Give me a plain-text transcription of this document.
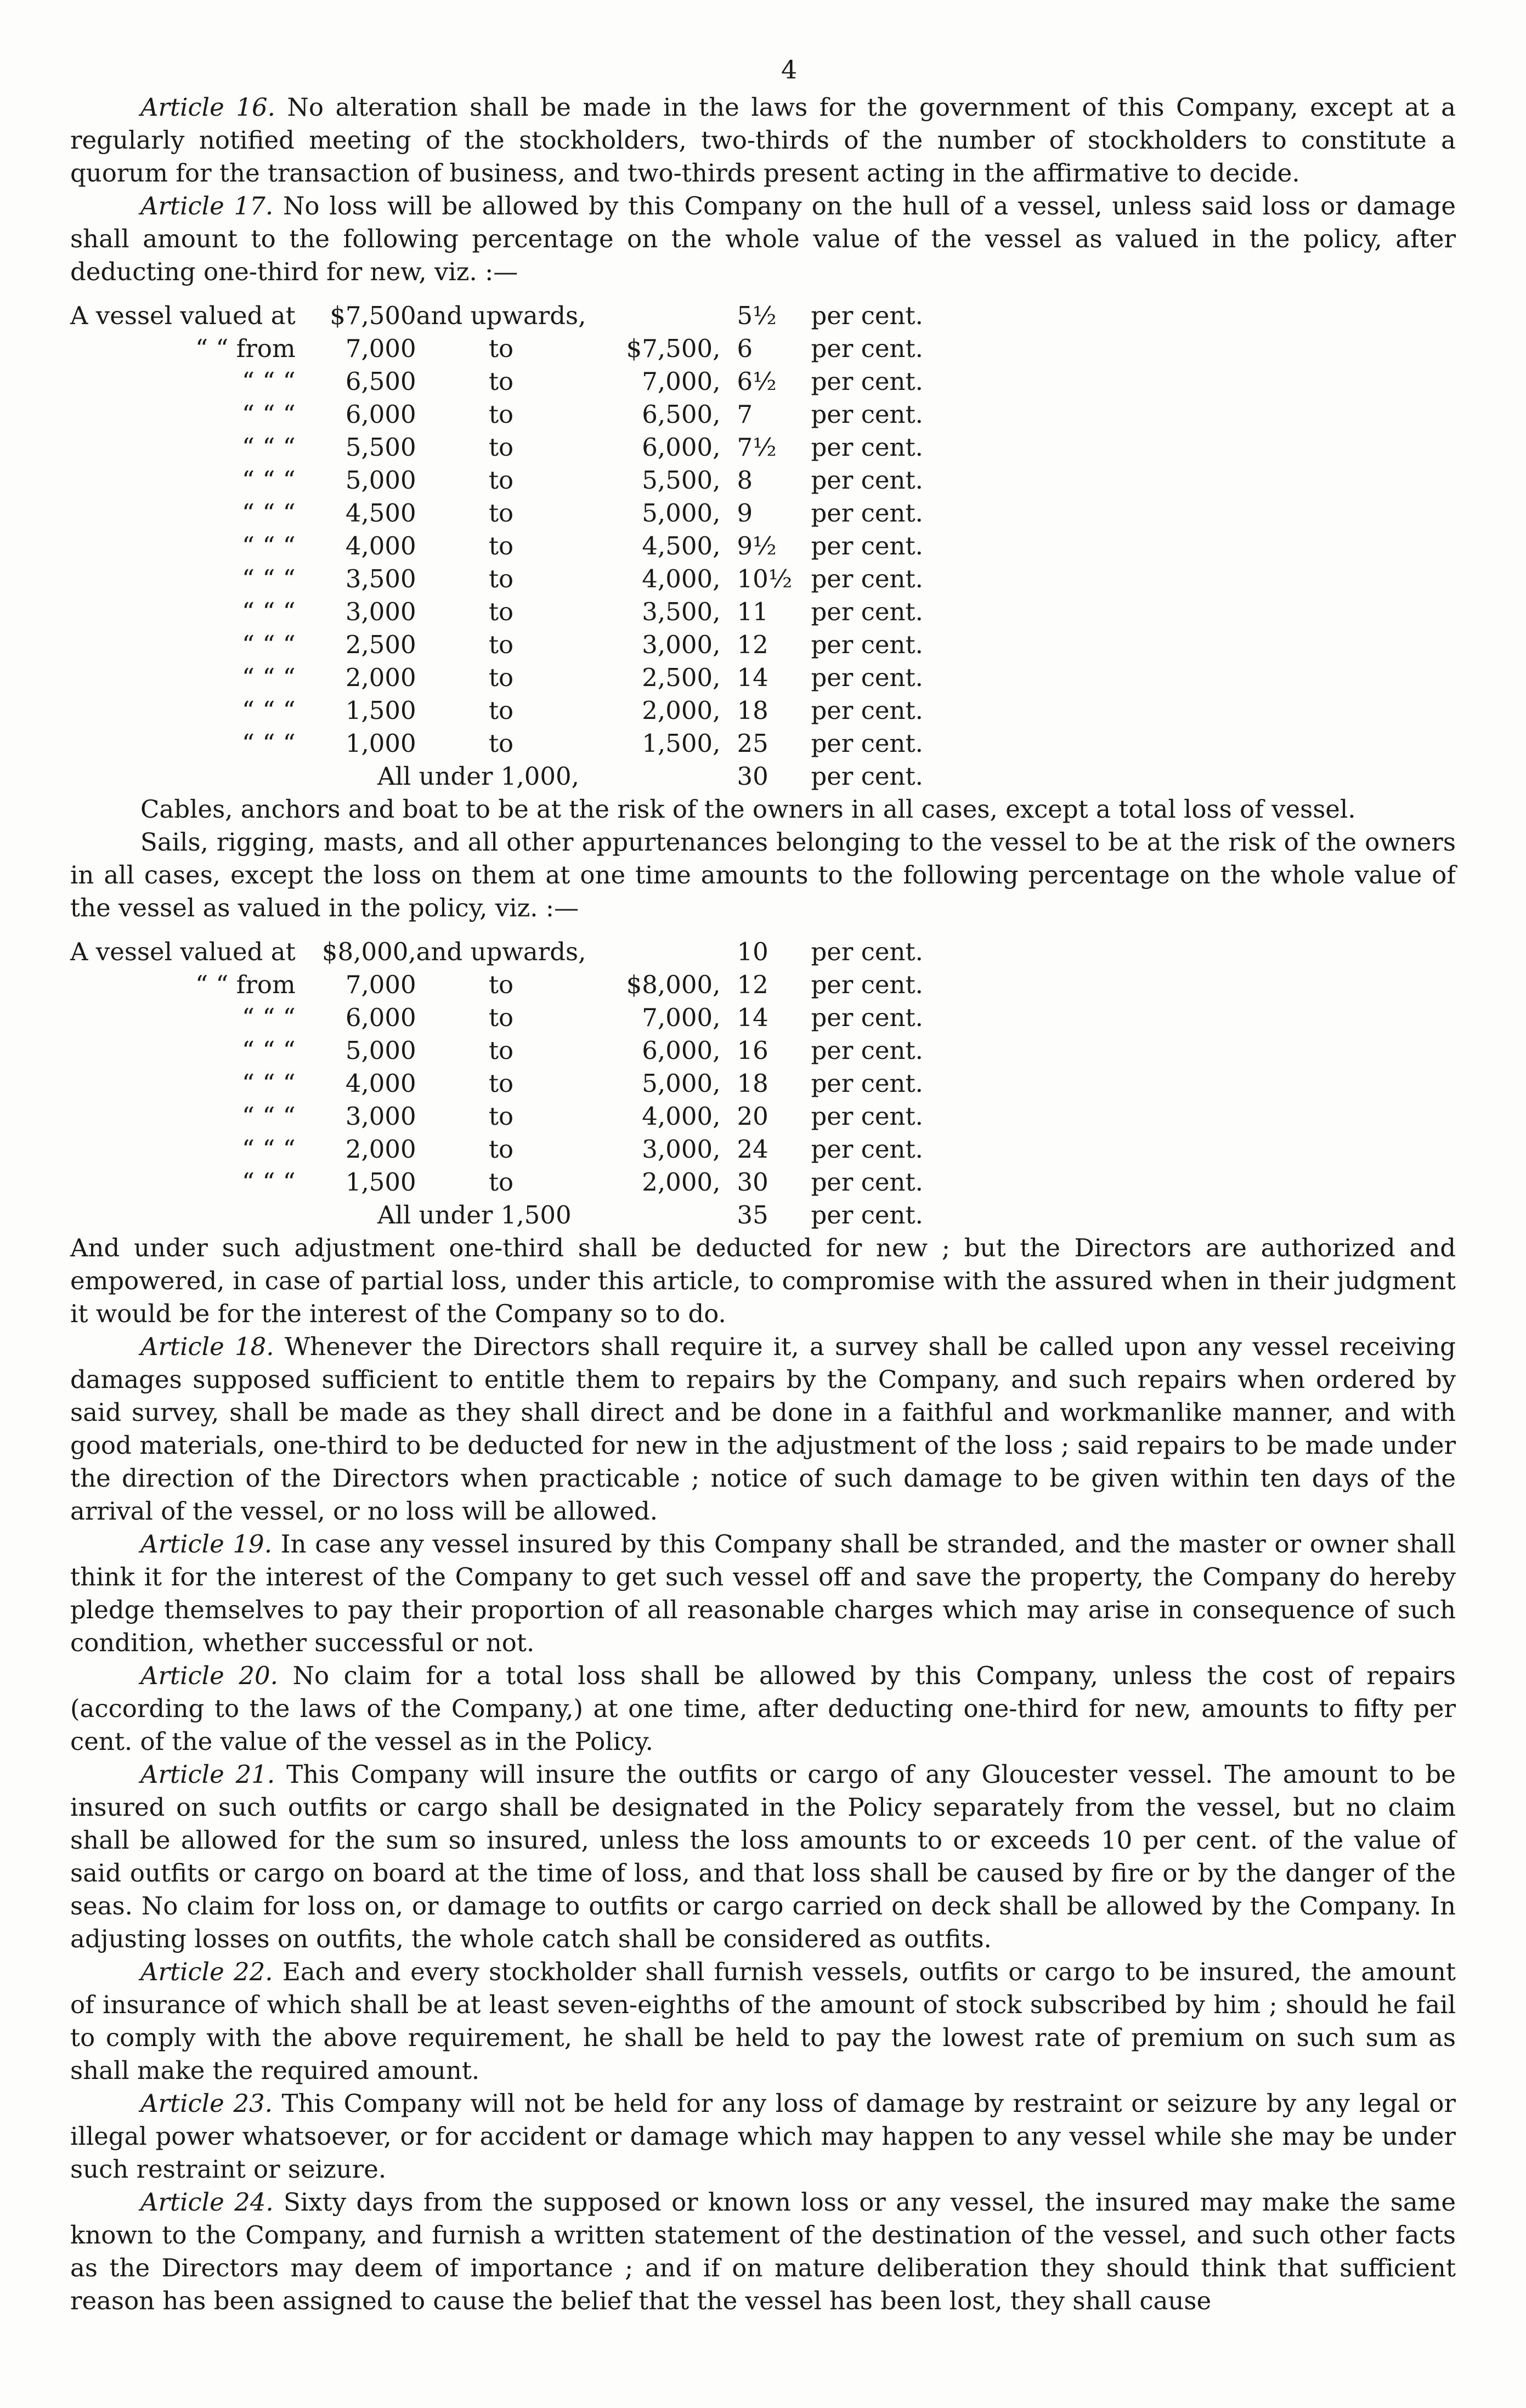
4

Article 16. No alteration shall be made in the laws for the government of this Company, except at a regularly notified meeting of the stockholders, two-thirds of the number of stockholders to constitute a quorum for the transaction of business, and two-thirds present acting in the affirmative to decide.

Article 17. No loss will be allowed by this Company on the hull of a vessel, unless said loss or damage shall amount to the following percentage on the whole value of the vessel as valued in the policy, after deducting one-third for new, viz. :—

A vessel valued at	$7,500	and upwards,		5½	per cent.
“ “ from	7,000	to	$7,500,	6	per cent.
“ “ “	6,500	to	7,000,	6½	per cent.
“ “ “	6,000	to	6,500,	7	per cent.
“ “ “	5,500	to	6,000,	7½	per cent.
“ “ “	5,000	to	5,500,	8	per cent.
“ “ “	4,500	to	5,000,	9	per cent.
“ “ “	4,000	to	4,500,	9½	per cent.
“ “ “	3,500	to	4,000,	10½	per cent.
“ “ “	3,000	to	3,500,	11	per cent.
“ “ “	2,500	to	3,000,	12	per cent.
“ “ “	2,000	to	2,500,	14	per cent.
“ “ “	1,500	to	2,000,	18	per cent.
“ “ “	1,000	to	1,500,	25	per cent.
All under 1,000,				30	per cent.

Cables, anchors and boat to be at the risk of the owners in all cases, except a total loss of vessel.

Sails, rigging, masts, and all other appurtenances belonging to the vessel to be at the risk of the owners in all cases, except the loss on them at one time amounts to the following percentage on the whole value of the vessel as valued in the policy, viz. :—

A vessel valued at	$8,000,	and upwards,		10	per cent.
“ “ from	7,000	to	$8,000,	12	per cent.
“ “ “	6,000	to	7,000,	14	per cent.
“ “ “	5,000	to	6,000,	16	per cent.
“ “ “	4,000	to	5,000,	18	per cent.
“ “ “	3,000	to	4,000,	20	per cent.
“ “ “	2,000	to	3,000,	24	per cent.
“ “ “	1,500	to	2,000,	30	per cent.
All under 1,500				35	per cent.

And under such adjustment one-third shall be deducted for new ; but the Directors are authorized and empowered, in case of partial loss, under this article, to compromise with the assured when in their judgment it would be for the interest of the Company so to do.

Article 18. Whenever the Directors shall require it, a survey shall be called upon any vessel receiving damages supposed sufficient to entitle them to repairs by the Company, and such repairs when ordered by said survey, shall be made as they shall direct and be done in a faithful and workmanlike manner, and with good materials, one-third to be deducted for new in the adjustment of the loss ; said repairs to be made under the direction of the Directors when practicable ; notice of such damage to be given within ten days of the arrival of the vessel, or no loss will be allowed.

Article 19. In case any vessel insured by this Company shall be stranded, and the master or owner shall think it for the interest of the Company to get such vessel off and save the property, the Company do hereby pledge themselves to pay their proportion of all reasonable charges which may arise in consequence of such condition, whether successful or not.

Article 20. No claim for a total loss shall be allowed by this Company, unless the cost of repairs (according to the laws of the Company,) at one time, after deducting one-third for new, amounts to fifty per cent. of the value of the vessel as in the Policy.

Article 21. This Company will insure the outfits or cargo of any Gloucester vessel. The amount to be insured on such outfits or cargo shall be designated in the Policy separately from the vessel, but no claim shall be allowed for the sum so insured, unless the loss amounts to or exceeds 10 per cent. of the value of said outfits or cargo on board at the time of loss, and that loss shall be caused by fire or by the danger of the seas. No claim for loss on, or damage to outfits or cargo carried on deck shall be allowed by the Company. In adjusting losses on outfits, the whole catch shall be considered as outfits.

Article 22. Each and every stockholder shall furnish vessels, outfits or cargo to be insured, the amount of insurance of which shall be at least seven-eighths of the amount of stock subscribed by him ; should he fail to comply with the above requirement, he shall be held to pay the lowest rate of premium on such sum as shall make the required amount.

Article 23. This Company will not be held for any loss of damage by restraint or seizure by any legal or illegal power whatsoever, or for accident or damage which may happen to any vessel while she may be under such restraint or seizure.

Article 24. Sixty days from the supposed or known loss or any vessel, the insured may make the same known to the Company, and furnish a written statement of the destination of the vessel, and such other facts as the Directors may deem of importance ; and if on mature deliberation they should think that sufficient reason has been assigned to cause the belief that the vessel has been lost, they shall cause
